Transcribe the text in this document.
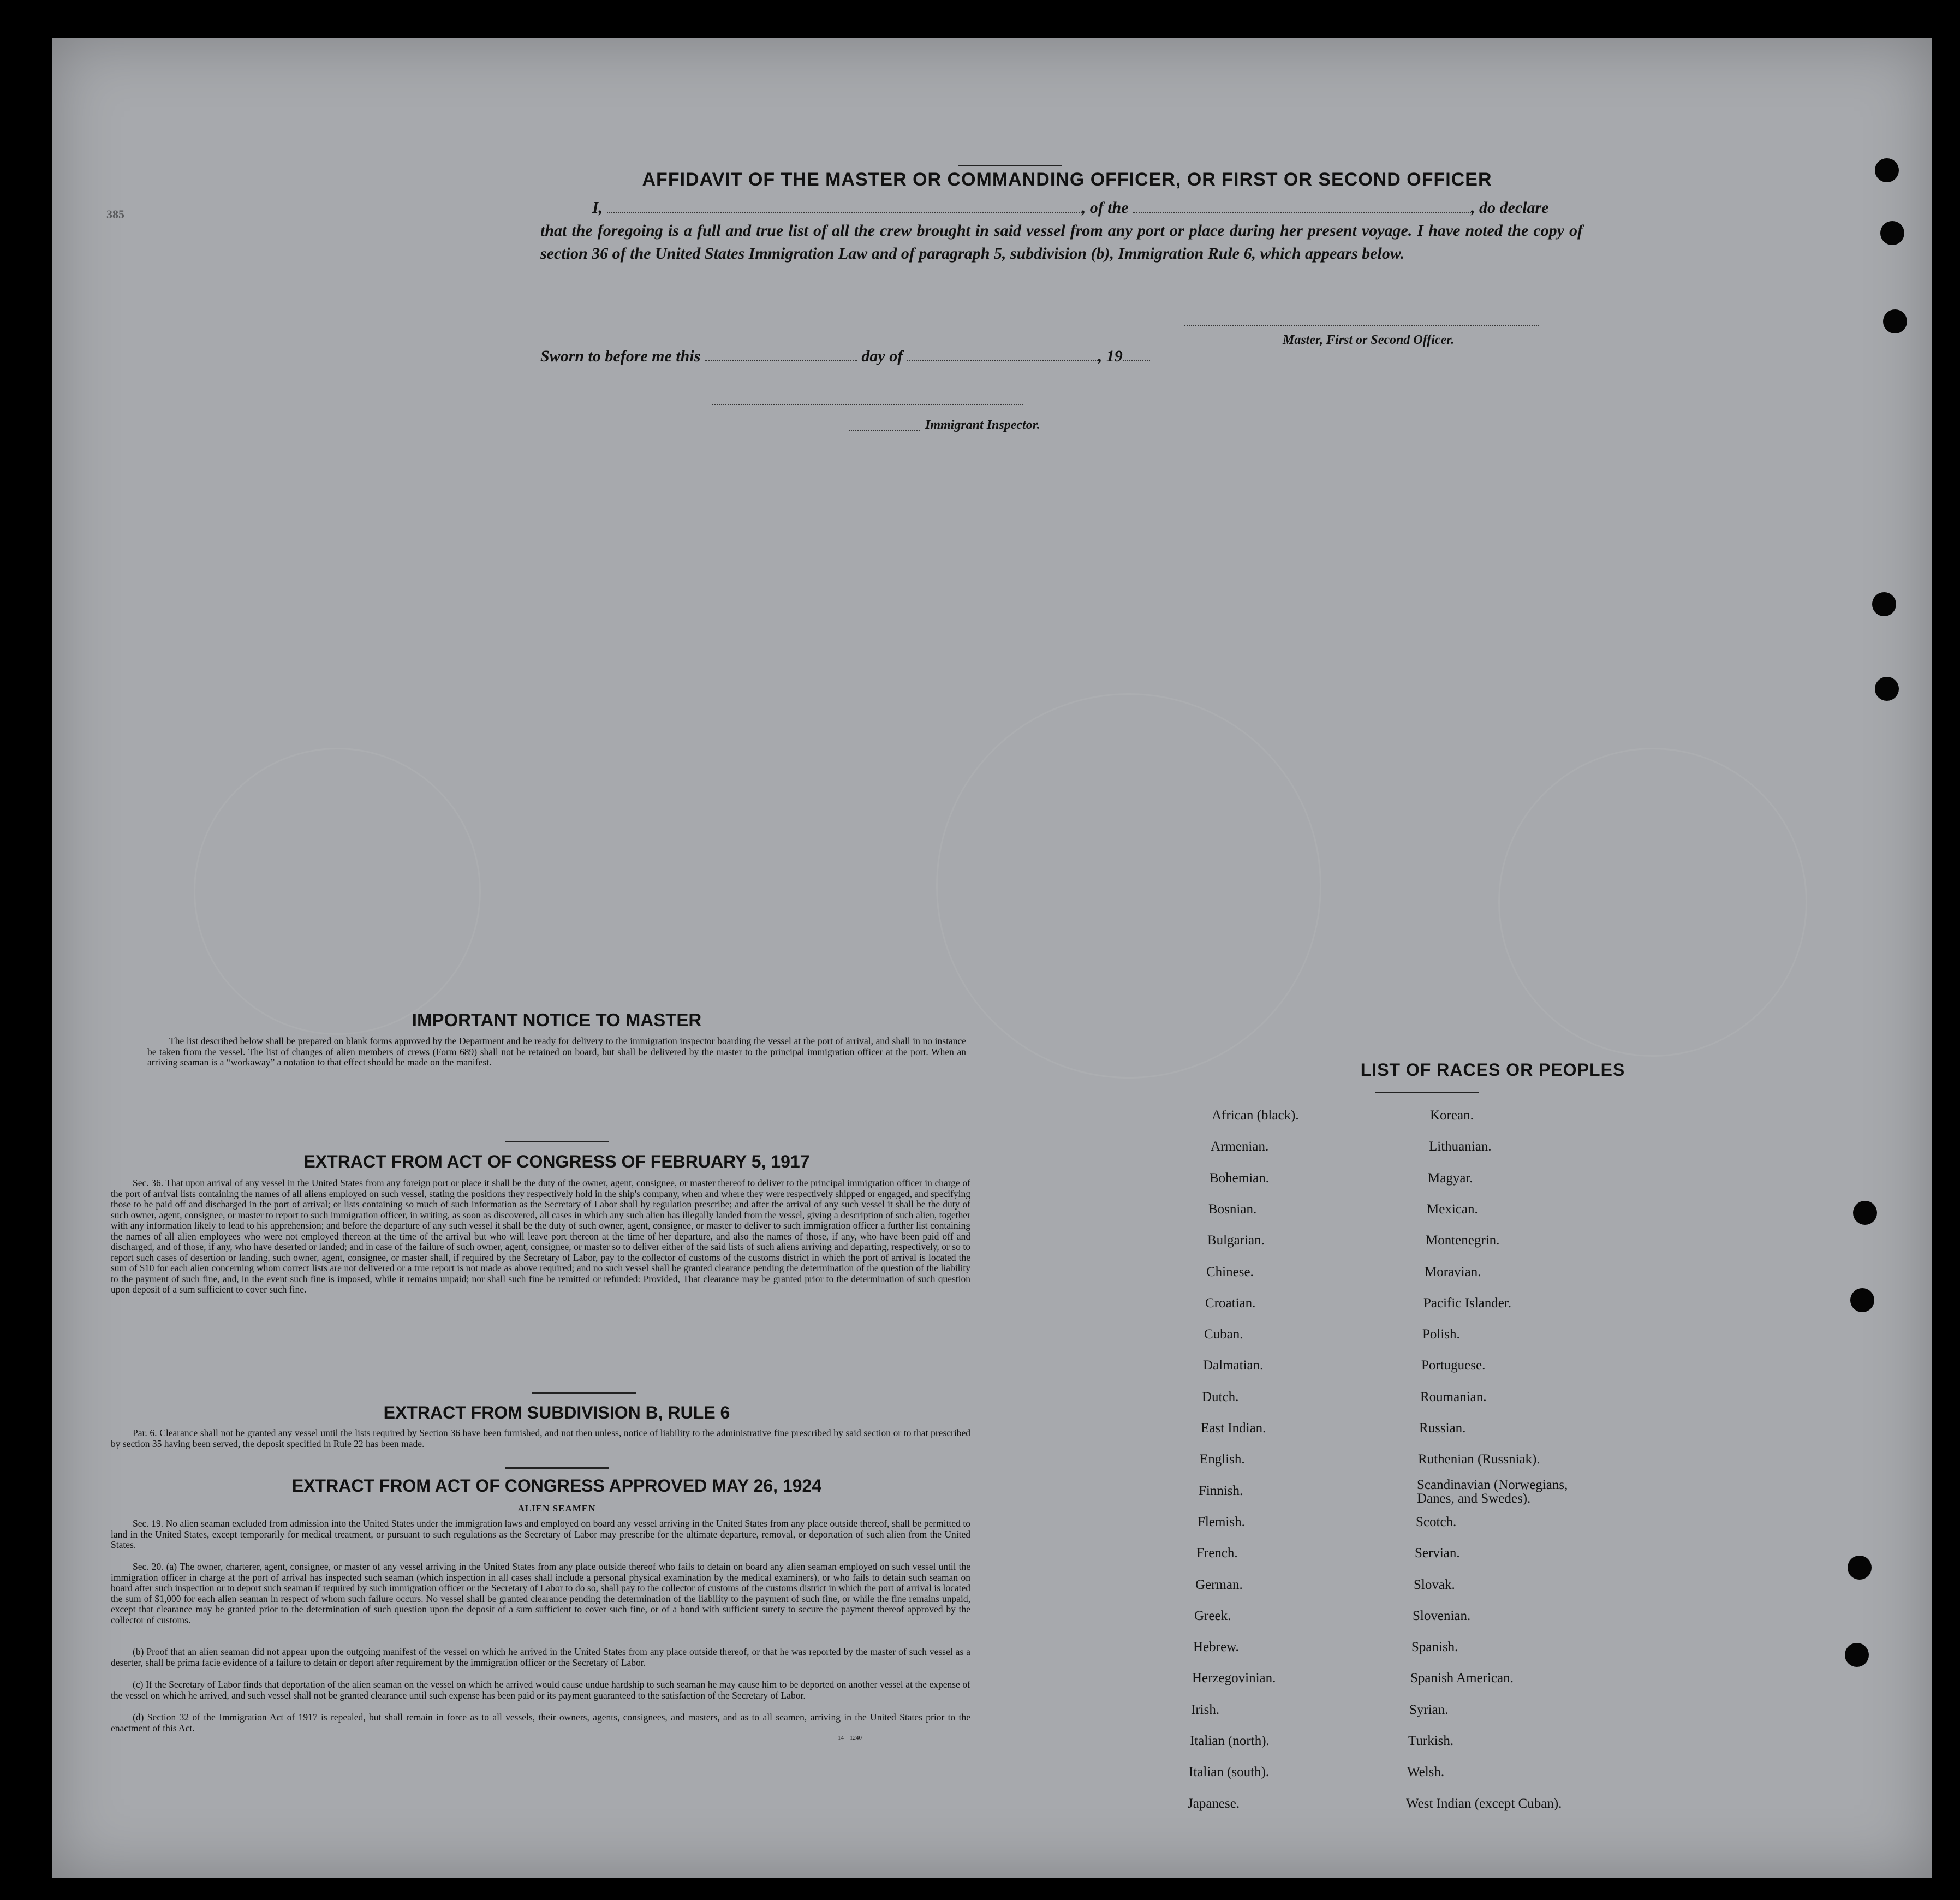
385
AFFIDAVIT OF THE MASTER OR COMMANDING OFFICER, OR FIRST OR SECOND OFFICER
I,	, of the	, do declare
that the foregoing is a full and true list of all the crew brought in said vessel from any port or place during her present voyage. I have noted the copy of section 36 of the United States Immigration Law and of paragraph 5, subdivision (b), Immigration Rule 6, which appears below.
Master, First or Second Officer.
Sworn to before me this	day of	, 19
Immigrant Inspector.
IMPORTANT NOTICE TO MASTER
The list described below shall be prepared on blank forms approved by the Department and be ready for delivery to the immigration inspector boarding the vessel at the port of arrival, and shall in no instance be taken from the vessel. The list of changes of alien members of crews (Form 689) shall not be retained on board, but shall be delivered by the master to the principal immigration officer at the port. When an arriving seaman is a “workaway” a notation to that effect should be made on the manifest.
EXTRACT FROM ACT OF CONGRESS OF FEBRUARY 5, 1917
Sec. 36. That upon arrival of any vessel in the United States from any foreign port or place it shall be the duty of the owner, agent, consignee, or master thereof to deliver to the principal immigration officer in charge of the port of arrival lists containing the names of all aliens employed on such vessel, stating the positions they respectively hold in the ship's company, when and where they were respectively shipped or engaged, and specifying those to be paid off and discharged in the port of arrival; or lists containing so much of such information as the Secretary of Labor shall by regulation prescribe; and after the arrival of any such vessel it shall be the duty of such owner, agent, consignee, or master to report to such immigration officer, in writing, as soon as discovered, all cases in which any such alien has illegally landed from the vessel, giving a description of such alien, together with any information likely to lead to his apprehension; and before the departure of any such vessel it shall be the duty of such owner, agent, consignee, or master to deliver to such immigration officer a further list containing the names of all alien employees who were not employed thereon at the time of the arrival but who will leave port thereon at the time of her departure, and also the names of those, if any, who have been paid off and discharged, and of those, if any, who have deserted or landed; and in case of the failure of such owner, agent, consignee, or master so to deliver either of the said lists of such aliens arriving and departing, respectively, or so to report such cases of desertion or landing, such owner, agent, consignee, or master shall, if required by the Secretary of Labor, pay to the collector of customs of the customs district in which the port of arrival is located the sum of $10 for each alien concerning whom correct lists are not delivered or a true report is not made as above required; and no such vessel shall be granted clearance pending the determination of the question of the liability to the payment of such fine, and, in the event such fine is imposed, while it remains unpaid; nor shall such fine be remitted or refunded: Provided, That clearance may be granted prior to the determination of such question upon deposit of a sum sufficient to cover such fine.
EXTRACT FROM SUBDIVISION B, RULE 6
Par. 6. Clearance shall not be granted any vessel until the lists required by Section 36 have been furnished, and not then unless, notice of liability to the administrative fine prescribed by said section or to that prescribed by section 35 having been served, the deposit specified in Rule 22 has been made.
EXTRACT FROM ACT OF CONGRESS APPROVED MAY 26, 1924
ALIEN SEAMEN
Sec. 19. No alien seaman excluded from admission into the United States under the immigration laws and employed on board any vessel arriving in the United States from any place outside thereof, shall be permitted to land in the United States, except temporarily for medical treatment, or pursuant to such regulations as the Secretary of Labor may prescribe for the ultimate departure, removal, or deportation of such alien from the United States.
Sec. 20. (a) The owner, charterer, agent, consignee, or master of any vessel arriving in the United States from any place outside thereof who fails to detain on board any alien seaman employed on such vessel until the immigration officer in charge at the port of arrival has inspected such seaman (which inspection in all cases shall include a personal physical examination by the medical examiners), or who fails to detain such seaman on board after such inspection or to deport such seaman if required by such immigration officer or the Secretary of Labor to do so, shall pay to the collector of customs of the customs district in which the port of arrival is located the sum of $1,000 for each alien seaman in respect of whom such failure occurs. No vessel shall be granted clearance pending the determination of the liability to the payment of such fine, or while the fine remains unpaid, except that clearance may be granted prior to the determination of such question upon the deposit of a sum sufficient to cover such fine, or of a bond with sufficient surety to secure the payment thereof approved by the collector of customs.
(b) Proof that an alien seaman did not appear upon the outgoing manifest of the vessel on which he arrived in the United States from any place outside thereof, or that he was reported by the master of such vessel as a deserter, shall be prima facie evidence of a failure to detain or deport after requirement by the immigration officer or the Secretary of Labor.
(c) If the Secretary of Labor finds that deportation of the alien seaman on the vessel on which he arrived would cause undue hardship to such seaman he may cause him to be deported on another vessel at the expense of the vessel on which he arrived, and such vessel shall not be granted clearance until such expense has been paid or its payment guaranteed to the satisfaction of the Secretary of Labor.
(d) Section 32 of the Immigration Act of 1917 is repealed, but shall remain in force as to all vessels, their owners, agents, consignees, and masters, and as to all seamen, arriving in the United States prior to the enactment of this Act.
14—1240
LIST OF RACES OR PEOPLES
African (black).
Armenian.
Bohemian.
Bosnian.
Bulgarian.
Chinese.
Croatian.
Cuban.
Dalmatian.
Dutch.
East Indian.
English.
Finnish.
Flemish.
French.
German.
Greek.
Hebrew.
Herzegovinian.
Irish.
Italian (north).
Italian (south).
Japanese.
Korean.
Lithuanian.
Magyar.
Mexican.
Montenegrin.
Moravian.
Pacific Islander.
Polish.
Portuguese.
Roumanian.
Russian.
Ruthenian (Russniak).
Scandinavian (Norwegians, Danes, and Swedes).
Scotch.
Servian.
Slovak.
Slovenian.
Spanish.
Spanish American.
Syrian.
Turkish.
Welsh.
West Indian (except Cuban).
